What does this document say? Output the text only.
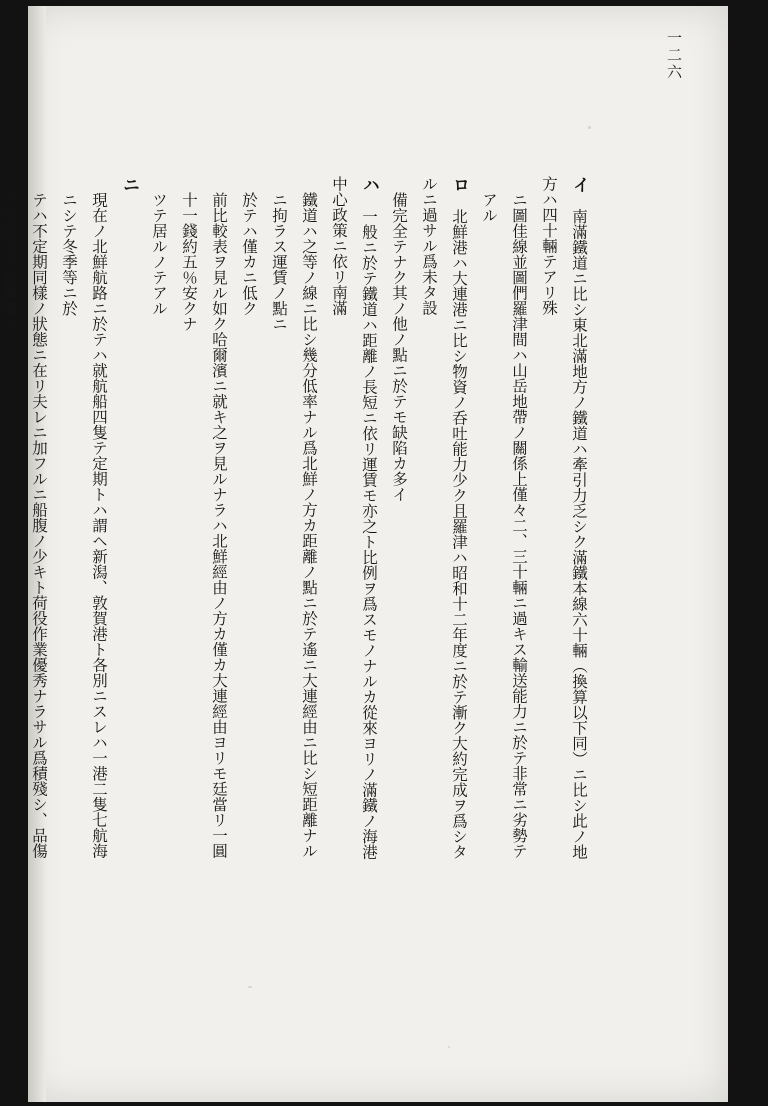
一二六

イ　南滿鐵道ニ比シ東北滿地方ノ鐵道ハ牽引力乏シク滿鐵本線六十輛（換算以下同）ニ比シ此ノ地方ハ四十輛テアリ殊

ニ圖佳線並圖們羅津間ハ山岳地帶ノ關係上僅々二、三十輛ニ過キス輸送能力ニ於テ非常ニ劣勢テアル

ロ　北鮮港ハ大連港ニ比シ物資ノ呑吐能力少ク且羅津ハ昭和十二年度ニ於テ漸ク大約完成ヲ爲シタルニ過サル爲未タ設

備完全テナク其ノ他ノ點ニ於テモ缺陷カ多イ

ハ　一般ニ於テ鐵道ハ距離ノ長短ニ依リ運賃モ亦之ト比例ヲ爲スモノナルカ從來ヨリノ滿鐵ノ海港中心政策ニ依リ南滿

鐵道ハ之等ノ線ニ比シ幾分低率ナル爲北鮮ノ方カ距離ノ點ニ於テ遙ニ大連經由ニ比シ短距離ナルニ拘ラス運賃ノ點ニ

於テハ僅カニ低ク

前比較表ヲ見ル如ク哈爾濱ニ就キ之ヲ見ルナラハ北鮮經由ノ方カ僅カ大連經由ヨリモ廷當リ一圓十一錢約五％安クナ

ツテ居ルノテアル

ニ

現在ノ北鮮航路ニ於テハ就航船四隻テ定期トハ謂ヘ新潟、敦賀港ト各別ニスレハ一港二隻七航海ニシテ冬季等ニ於

テハ不定期同樣ノ狀態ニ在リ夫レニ加フルニ船腹ノ少キト荷役作業優秀ナラサル爲積殘シ、品傷ミ等以上ノ諸事情ニ
